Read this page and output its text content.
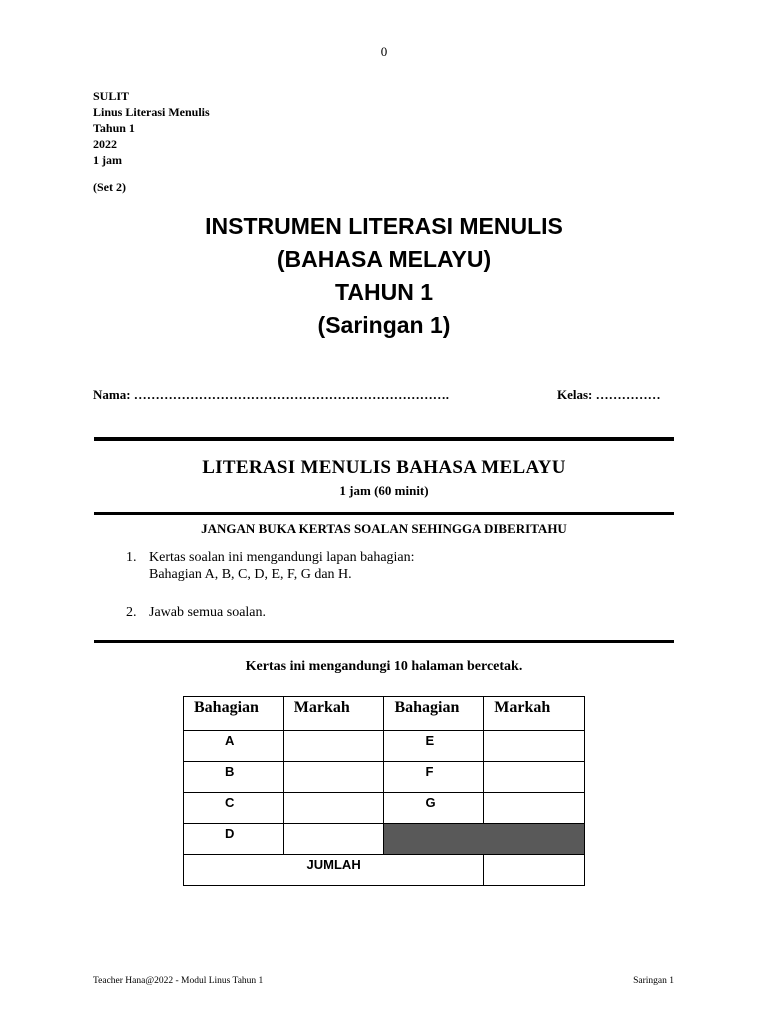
0
SULIT
Linus Literasi Menulis
Tahun 1
2022
1 jam
(Set 2)
INSTRUMEN LITERASI MENULIS
(BAHASA MELAYU)
TAHUN 1
(Saringan 1)
Nama: ……………………………………………………………….	Kelas: ……………
LITERASI MENULIS BAHASA MELAYU
1 jam (60 minit)
JANGAN BUKA KERTAS SOALAN SEHINGGA DIBERITAHU
1. Kertas soalan ini mengandungi lapan bahagian:
Bahagian A, B, C, D, E, F, G dan H.
2. Jawab semua soalan.
Kertas ini mengandungi 10 halaman bercetak.
Bahagian	Markah	Bahagian	Markah
A		E	
B		F	
C		G	
D			
JUMLAH			
Teacher Hana@2022 - Modul Linus Tahun 1	Saringan 1
